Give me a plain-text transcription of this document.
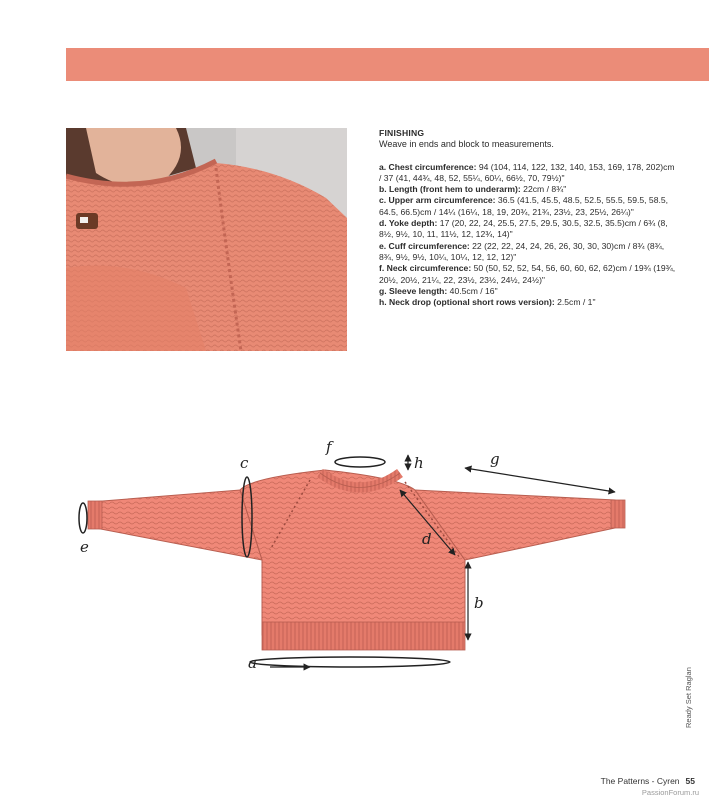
FINISHING
Weave in ends and block to measurements.

a. Chest circumference: 94 (104, 114, 122, 132, 140, 153, 169, 178, 202)cm / 37 (41, 44¾, 48, 52, 55¼, 60¼, 66½, 70, 79½)"

b. Length (front hem to underarm): 22cm / 8¾"

c. Upper arm circumference: 36.5 (41.5, 45.5, 48.5, 52.5, 55.5, 59.5, 58.5, 64.5, 66.5)cm / 14¼ (16¼, 18, 19, 20¾, 21¾, 23½, 23, 25½, 26¼)"

d. Yoke depth: 17 (20, 22, 24, 25.5, 27.5, 29.5, 30.5, 32.5, 35.5)cm / 6¾ (8, 8½, 9½, 10, 11, 11½, 12, 12¾, 14)"

e. Cuff circumference: 22 (22, 22, 24, 24, 26, 26, 30, 30, 30)cm / 8¾ (8¾, 8¾, 9½, 9½, 10¼, 10¼, 12, 12, 12)"

f. Neck circumference: 50 (50, 52, 52, 54, 56, 60, 60, 62, 62)cm / 19¾ (19¾, 20½, 20½, 21¼, 22, 23½, 23½, 24½, 24½)"

g. Sleeve length: 40.5cm / 16"

h. Neck drop (optional short rows version): 2.5cm / 1"

a
b
c
d
e
f
g
h
Ready Set Raglan
The Patterns - Cyren 55
PassionForum.ru
